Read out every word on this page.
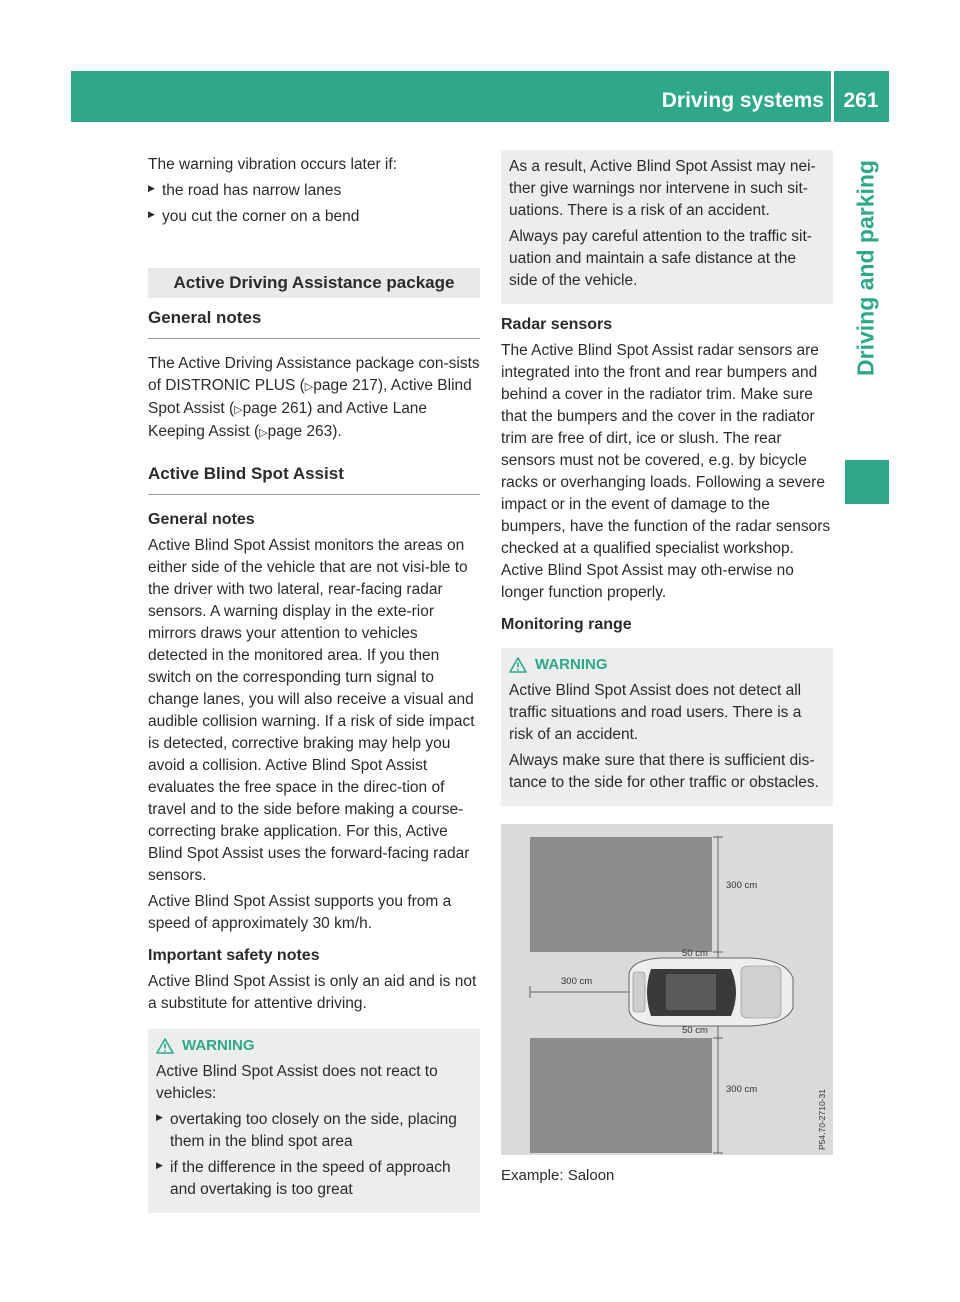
Driving systems 261
Driving and parking

The warning vibration occurs later if:

▶ the road has narrow lanes
▶ you cut the corner on a bend
Active Driving Assistance package
General notes

The Active Driving Assistance package con-sists of DISTRONIC PLUS (▷page 217), Active Blind Spot Assist (▷page 261) and Active Lane Keeping Assist (▷page 263).

Active Blind Spot Assist
General notes

Active Blind Spot Assist monitors the areas on either side of the vehicle that are not visi-ble to the driver with two lateral, rear-facing radar sensors. A warning display in the exte-rior mirrors draws your attention to vehicles detected in the monitored area. If you then switch on the corresponding turn signal to change lanes, you will also receive a visual and audible collision warning. If a risk of side impact is detected, corrective braking may help you avoid a collision. Active Blind Spot Assist evaluates the free space in the direc-tion of travel and to the side before making a course-correcting brake application. For this, Active Blind Spot Assist uses the forward-facing radar sensors.

Active Blind Spot Assist supports you from a speed of approximately 30 km/h.

Important safety notes

Active Blind Spot Assist is only an aid and is not a substitute for attentive driving.

WARNING

Active Blind Spot Assist does not react to vehicles:

▶ overtaking too closely on the side, placing them in the blind spot area
▶ if the difference in the speed of approach and overtaking is too great

As a result, Active Blind Spot Assist may nei-ther give warnings nor intervene in such sit-uations. There is a risk of an accident.

Always pay careful attention to the traffic sit-uation and maintain a safe distance at the side of the vehicle.

Radar sensors

The Active Blind Spot Assist radar sensors are integrated into the front and rear bumpers and behind a cover in the radiator trim. Make sure that the bumpers and the cover in the radiator trim are free of dirt, ice or slush. The rear sensors must not be covered, e.g. by bicycle racks or overhanging loads. Following a severe impact or in the event of damage to the bumpers, have the function of the radar sensors checked at a qualified specialist workshop. Active Blind Spot Assist may oth-erwise no longer function properly.

Monitoring range
WARNING

Active Blind Spot Assist does not detect all traffic situations and road users. There is a risk of an accident.

Always make sure that there is sufficient dis-tance to the side for other traffic or obstacles.

300 cm
50 cm
300 cm
50 cm
300 cm	P54.70-2710-31
Example: Saloon
